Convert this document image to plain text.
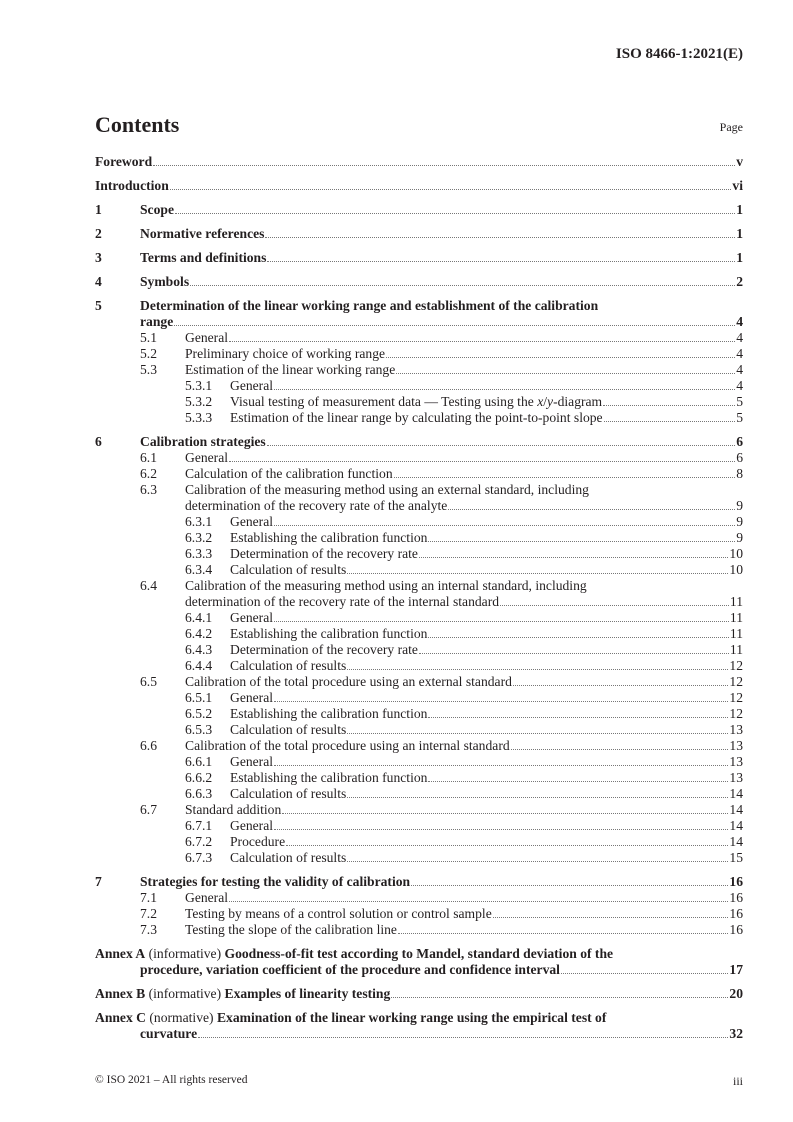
ISO 8466-1:2021(E)
Contents	Page
Foreword	v
Introduction	vi
1	Scope	1
2	Normative references	1
3	Terms and definitions	1
4	Symbols	2
5	Determination of the linear working range and establishment of the calibration
range	4
5.1 General	4
5.2 Preliminary choice of working range	4
5.3 Estimation of the linear working range	4
5.3.1 General	4
5.3.2 Visual testing of measurement data — Testing using the x/y-diagram	5
5.3.3 Estimation of the linear range by calculating the point-to-point slope	5
6	Calibration strategies	6
6.1 General	6
6.2 Calculation of the calibration function	8
6.3 Calibration of the measuring method using an external standard, including
determination of the recovery rate of the analyte	9
6.3.1 General	9
6.3.2 Establishing the calibration function	9
6.3.3 Determination of the recovery rate	10
6.3.4 Calculation of results	10
6.4 Calibration of the measuring method using an internal standard, including
determination of the recovery rate of the internal standard	11
6.4.1 General	11
6.4.2 Establishing the calibration function	11
6.4.3 Determination of the recovery rate	11
6.4.4 Calculation of results	12
6.5 Calibration of the total procedure using an external standard	12
6.5.1 General	12
6.5.2 Establishing the calibration function	12
6.5.3 Calculation of results	13
6.6 Calibration of the total procedure using an internal standard	13
6.6.1 General	13
6.6.2 Establishing the calibration function	13
6.6.3 Calculation of results	14
6.7 Standard addition	14
6.7.1 General	14
6.7.2 Procedure	14
6.7.3 Calculation of results	15
7	Strategies for testing the validity of calibration	16
7.1 General	16
7.2 Testing by means of a control solution or control sample	16
7.3 Testing the slope of the calibration line	16
Annex A (informative) Goodness-of-fit test according to Mandel, standard deviation of the
procedure, variation coefficient of the procedure and confidence interval	17
Annex B (informative) Examples of linearity testing	20
Annex C (normative) Examination of the linear working range using the empirical test of
curvature	32
© ISO 2021 – All rights reserved	iii
